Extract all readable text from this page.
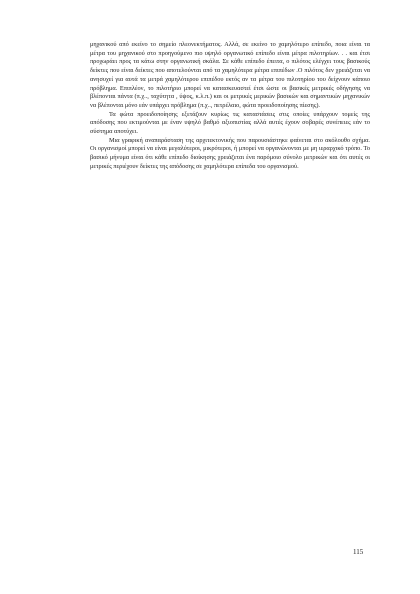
μηχανικού από εκείνο το σημείο πλεονεκτήματος. Αλλά, σε εκείνο το χαμηλότερο επίπεδο, ποια είναι τα μέτρα του μηχανικού στο προηγούμενο πιο υψηλό οργανωτικό επίπεδο είναι μέτρα πιλοτηρίων. . . και έτσι προχωράει προς τα κάτω στην οργανωτική σκάλα. Σε κάθε επίπεδο έπειτα, ο πιλότος ελέγχει τους βασικούς δείκτες που είναι δείκτες που αποτελούνται από τα χαμηλότερα μέτρα επιπέδων .Ο πιλότος δεν χρειάζεται να ανησυχεί για αυτά τα μετρά χαμηλότερου επιπέδου εκτός αν τα μέτρα του πιλοτηρίου του δείχνουν κάποιο πρόβλημα. Επιπλέον, το πιλοτήριο μπορεί να κατασκευαστεί έτσι ώστε οι βασικές μετρικές οδήγησης να βλέπονται πάντα (π.χ.., ταχύτητα , ύψος, κ.λ.π.) και οι μετρικές μερικών βασικών και σημαντικών μηχανικών να βλέπονται μόνο εάν υπάρχει πρόβλημα (π.χ.., πετρέλαιο, φώτα προειδοποίησης πίεσης).

Τα φώτα προειδοποίησης εξετάζουν κυρίως τις καταστάσεις στις οποίες υπάρχουν τομείς της απόδοσης που εκτιμούνται με έναν υψηλό βαθμό αξιοπιστίας αλλά αυτές έχουν σοβαρές συνέπειες εάν το σύστημα αποτύχει.

Μια γραφική αναπαράσταση της αρχιτεκτονικής που παρουσιάστηκε φαίνεται στο ακόλουθο σχήμα. Οι οργανισμοί μπορεί να είναι μεγαλύτεροι, μικρότεροι, ή μπορεί να οργανώνονται με μη ιεραρχικό τρόπο. Το βασικό μήνυμα είναι ότι κάθε επίπεδο διοίκησης χρειάζεται ένα παρόμοιο σύνολο μετρικών και ότι αυτές οι μετρικές περιέχουν δείκτες της απόδοσης σε χαμηλότερα επίπεδα του οργανισμού.

115
